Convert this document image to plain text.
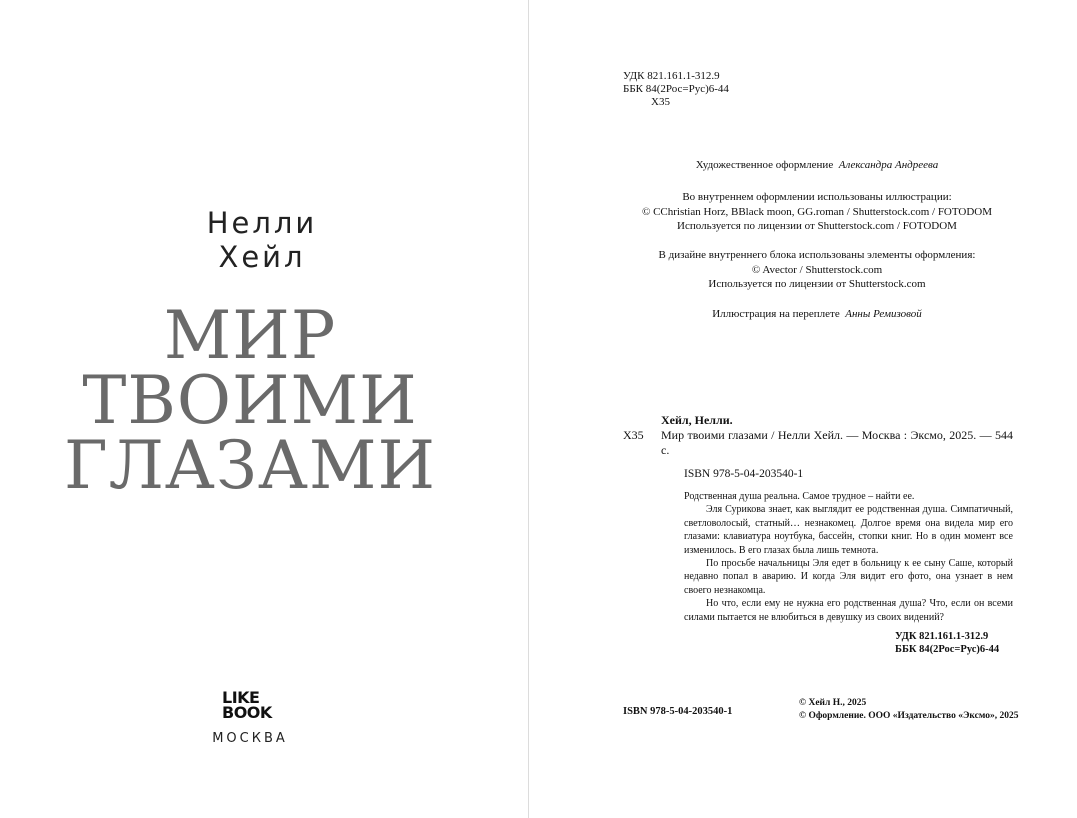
Нелли
Хейл
МИР
ТВОИМИ
ГЛАЗАМИ
LIKE
BOOK
МОСКВА
УДК 821.161.1-312.9
ББК 84(2Рос=Рус)6-44
Х35
Художественное оформление Александра Андреева
Во внутреннем оформлении использованы иллюстрации:
© CChristian Horz, BBlack moon, GG.roman / Shutterstock.com / FOTODOM
Используется по лицензии от Shutterstock.com / FOTODOM
В дизайне внутреннего блока использованы элементы оформления:
© Avector / Shutterstock.com
Используется по лицензии от Shutterstock.com
Иллюстрация на переплете Анны Ремизовой
Хейл, Нелли.
Х35	Мир твоими глазами / Нелли Хейл. — Москва : Эксмо, 2025. — 544 с.
ISBN 978-5-04-203540-1

Родственная душа реальна. Самое трудное – найти ее.

Эля Сурикова знает, как выглядит ее родственная душа. Симпатичный, светловолосый, статный… незнакомец. Долгое время она видела мир его глазами: клавиатура ноутбука, бассейн, стопки книг. Но в один момент все изменилось. В его глазах была лишь темнота.

По просьбе начальницы Эля едет в больницу к ее сыну Саше, который недавно попал в аварию. И когда Эля видит его фото, она узнает в нем своего незнакомца.

Но что, если ему не нужна его родственная душа? Что, если он всеми силами пытается не влюбиться в девушку из своих видений?

УДК 821.161.1-312.9
ББК 84(2Рос=Рус)6-44
ISBN 978-5-04-203540-1
© Хейл Н., 2025
© Оформление. ООО «Издательство «Эксмо», 2025
